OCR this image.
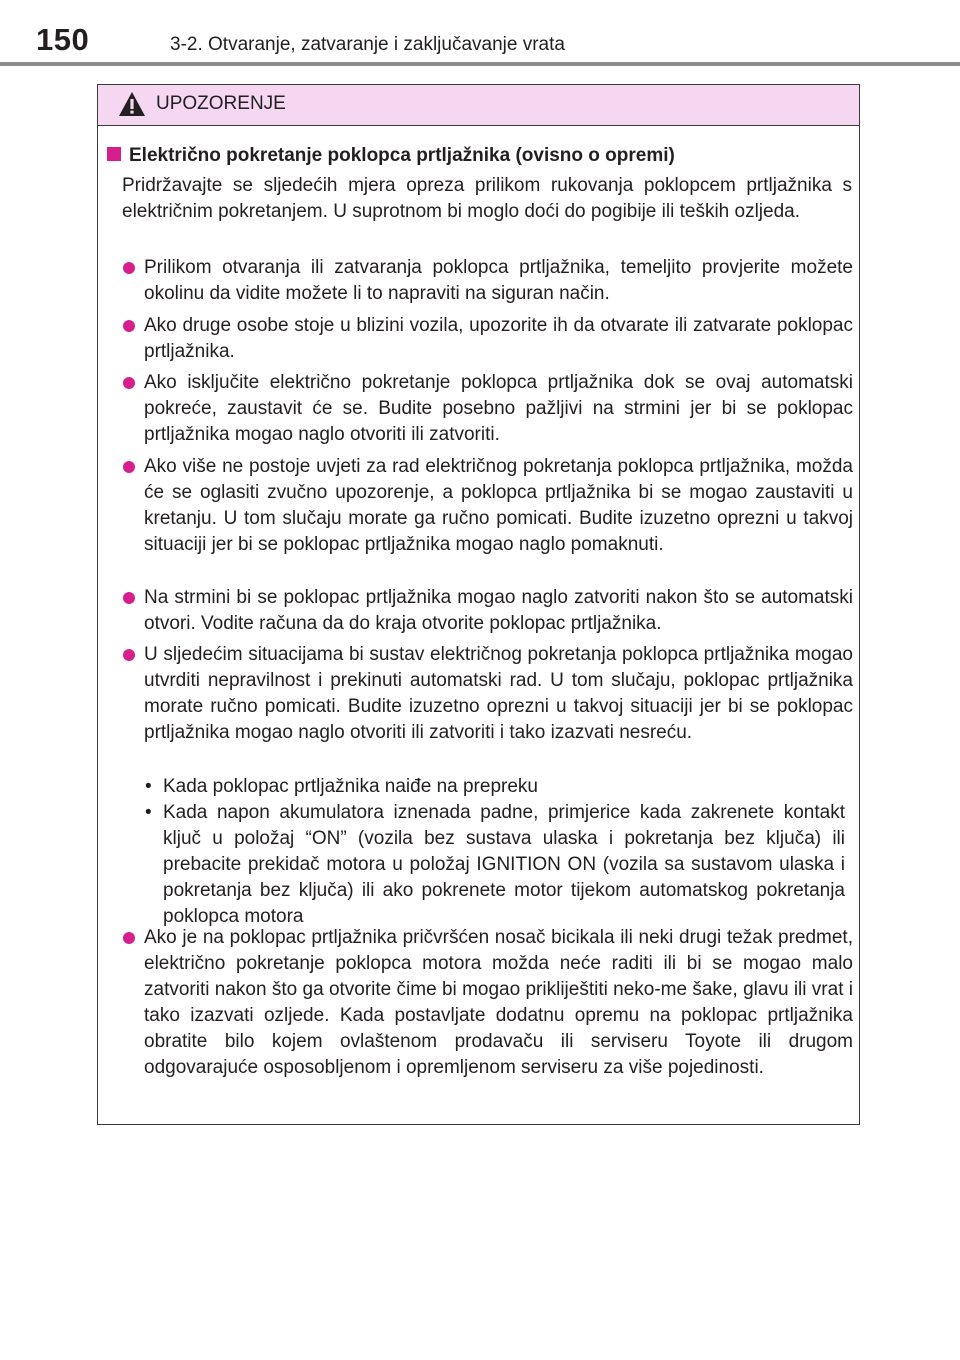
150	3-2. Otvaranje, zatvaranje i zaključavanje vrata
UPOZORENJE
Električno pokretanje poklopca prtljažnika (ovisno o opremi)
Pridržavajte se sljedećih mjera opreza prilikom rukovanja poklopcem prtljažnika s električnim pokretanjem. U suprotnom bi moglo doći do pogibije ili teških ozljeda.
Prilikom otvaranja ili zatvaranja poklopca prtljažnika, temeljito provjerite možete okolinu da vidite možete li to napraviti na siguran način.
Ako druge osobe stoje u blizini vozila, upozorite ih da otvarate ili zatvarate poklopac prtljažnika.
Ako isključite električno pokretanje poklopca prtljažnika dok se ovaj automatski pokreće, zaustavit će se. Budite posebno pažljivi na strmini jer bi se poklopac prtljažnika mogao naglo otvoriti ili zatvoriti.
Ako više ne postoje uvjeti za rad električnog pokretanja poklopca prtljažnika, možda će se oglasiti zvučno upozorenje, a poklopca prtljažnika bi se mogao zaustaviti u kretanju. U tom slučaju morate ga ručno pomicati. Budite izuzetno oprezni u takvoj situaciji jer bi se poklopac prtljažnika mogao naglo pomaknuti.
Na strmini bi se poklopac prtljažnika mogao naglo zatvoriti nakon što se automatski otvori. Vodite računa da do kraja otvorite poklopac prtljažnika.
U sljedećim situacijama bi sustav električnog pokretanja poklopca prtljažnika mogao utvrditi nepravilnost i prekinuti automatski rad. U tom slučaju, poklopac prtljažnika morate ručno pomicati. Budite izuzetno oprezni u takvoj situaciji jer bi se poklopac prtljažnika mogao naglo otvoriti ili zatvoriti i tako izazvati nesreću.
• Kada poklopac prtljažnika naiđe na prepreku
• Kada napon akumulatora iznenada padne, primjerice kada zakrenete kontakt ključ u položaj “ON” (vozila bez sustava ulaska i pokretanja bez ključa) ili prebacite prekidač motora u položaj IGNITION ON (vozila sa sustavom ulaska i pokretanja bez ključa) ili ako pokrenete motor tijekom automatskog pokretanja poklopca motora
Ako je na poklopac prtljažnika pričvršćen nosač bicikala ili neki drugi težak predmet, električno pokretanje poklopca motora možda neće raditi ili bi se mogao malo zatvoriti nakon što ga otvorite čime bi mogao prikliještiti neko-me šake, glavu ili vrat i tako izazvati ozljede. Kada postavljate dodatnu opremu na poklopac prtljažnika obratite bilo kojem ovlaštenom prodavaču ili serviseru Toyote ili drugom odgovarajuće osposobljenom i opremljenom serviseru za više pojedinosti.
